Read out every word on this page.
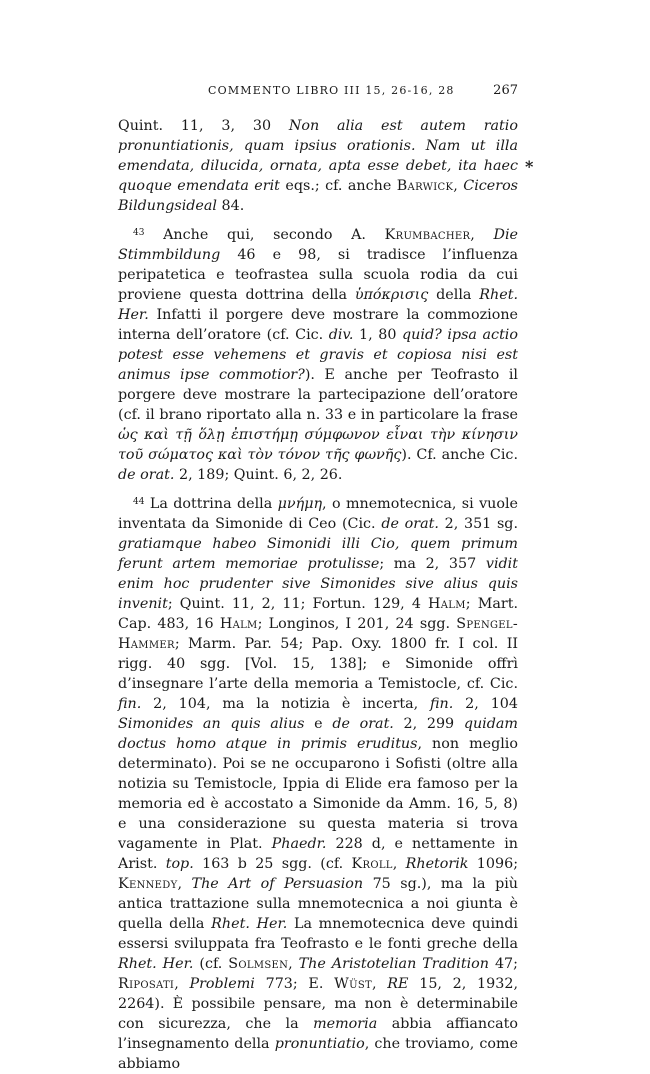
COMMENTO LIBRO III 15, 26-16, 28	267
*

Quint. 11, 3, 30 Non alia est autem ratio pronuntiationis, quam ipsius orationis. Nam ut illa emendata, dilucida, ornata, apta esse debet, ita haec quoque emendata erit eqs.; cf. anche Barwick, Ciceros Bildungsideal 84.

$^{43}$ Anche qui, secondo A. Krumbacher, Die Stimmbildung 46 e 98, si tradisce l’influenza peripatetica e teofrastea sulla scuola rodia da cui proviene questa dottrina della ὑπόκρισις della Rhet. Her. Infatti il porgere deve mostrare la commozione interna dell’oratore (cf. Cic. div. 1, 80 quid? ipsa actio potest esse vehemens et gravis et copiosa nisi est animus ipse commotior?). E anche per Teofrasto il porgere deve mostrare la partecipazione dell’oratore (cf. il brano riportato alla n. 33 e in particolare la frase ὡς καὶ τῇ ὅλῃ ἐπιστήμῃ σύμφωνον εἶναι τὴν κίνησιν τοῦ σώματος καὶ τὸν τόνον τῆς φωνῆς). Cf. anche Cic. de orat. 2, 189; Quint. 6, 2, 26.

$^{44}$ La dottrina della μνήμη, o mnemotecnica, si vuole inventata da Simonide di Ceo (Cic. de orat. 2, 351 sg. gratiamque habeo Simonidi illi Cio, quem primum ferunt artem memoriae protulisse; ma 2, 357 vidit enim hoc prudenter sive Simonides sive alius quis invenit; Quint. 11, 2, 11; Fortun. 129, 4 Halm; Mart. Cap. 483, 16 Halm; Longinos, I 201, 24 sgg. Spengel-Hammer; Marm. Par. 54; Pap. Oxy. 1800 fr. I col. II rigg. 40 sgg. [Vol. 15, 138]; e Simonide offrì d’insegnare l’arte della memoria a Temistocle, cf. Cic. fin. 2, 104, ma la notizia è incerta, fin. 2, 104 Simonides an quis alius e de orat. 2, 299 quidam doctus homo atque in primis eruditus, non meglio determinato). Poi se ne occuparono i Sofisti (oltre alla notizia su Temistocle, Ippia di Elide era famoso per la memoria ed è accostato a Simonide da Amm. 16, 5, 8) e una considerazione su questa materia si trova vagamente in Plat. Phaedr. 228 d, e nettamente in Arist. top. 163 b 25 sgg. (cf. Kroll, Rhetorik 1096; Kennedy, The Art of Persuasion 75 sg.), ma la più antica trattazione sulla mnemotecnica a noi giunta è quella della Rhet. Her. La mnemotecnica deve quindi essersi sviluppata fra Teofrasto e le fonti greche della Rhet. Her. (cf. Solmsen, The Aristotelian Tradition 47; Riposati, Problemi 773; E. Wüst, RE 15, 2, 1932, 2264). È possibile pensare, ma non è determinabile con sicurezza, che la memoria abbia affiancato l’insegnamento della pronuntiatio, che troviamo, come abbiamo
